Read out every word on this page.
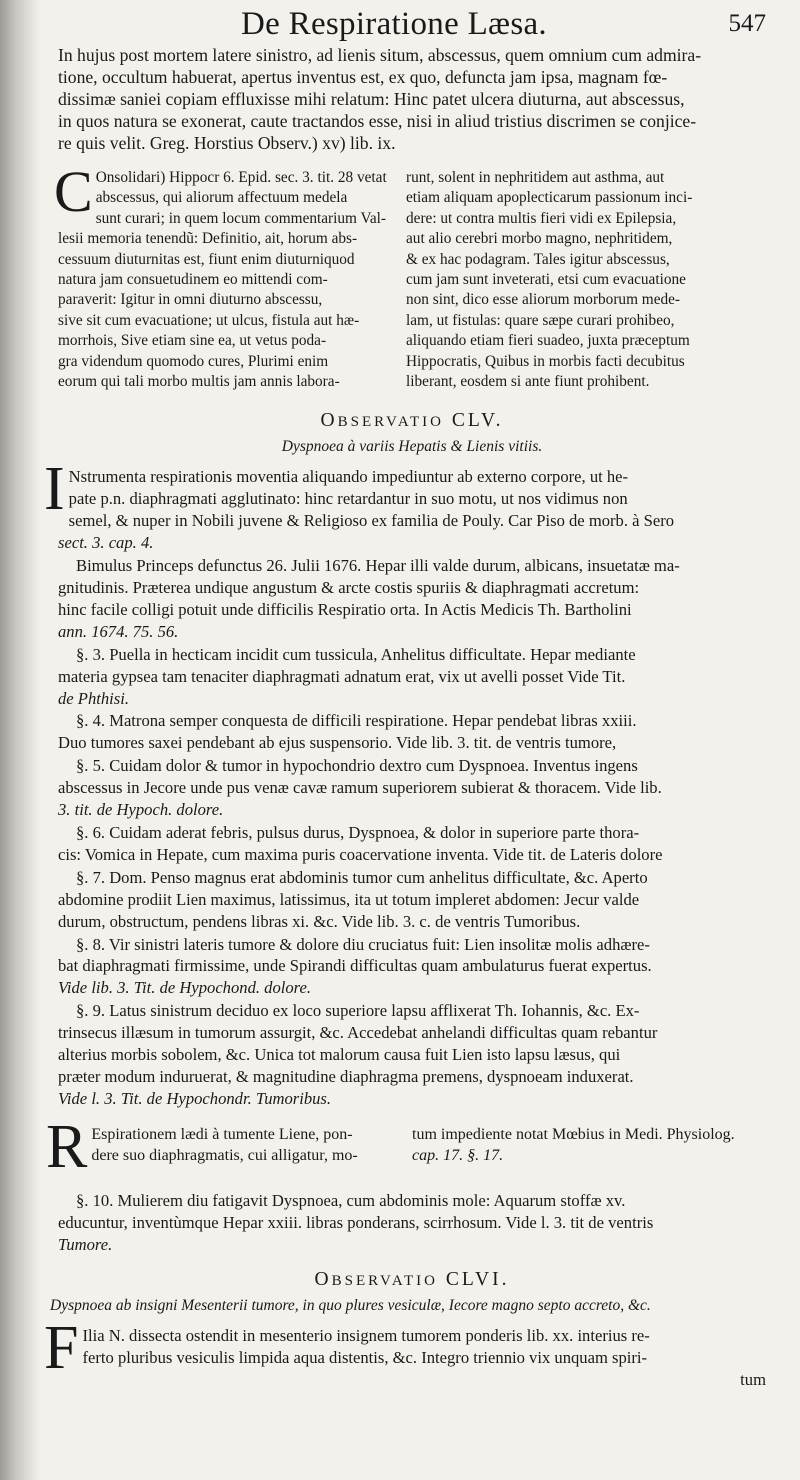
De Respiratione Læsa.	547
In hujus post mortem latere sinistro, ad lienis situm, abscessus, quem omnium cum admira-
tione, occultum habuerat, apertus inventus est, ex quo, defuncta jam ipsa, magnam fœ-
dissimæ saniei copiam effluxisse mihi relatum: Hinc patet ulcera diuturna, aut abscessus,
in quos natura se exonerat, caute tractandos esse, nisi in aliud tristius discrimen se conjice-
re quis velit. Greg. Horstius Observ.) xv) lib. ix.
C Onsolidari) Hippocr 6. Epid. sec. 3. tit. 28 vetat
abscessus, qui aliorum affectuum medela
sunt curari; in quem locum commentarium Val-
lesii memoria tenendũ: Definitio, ait, horum abs-
cessuum diuturnitas est, fiunt enim diuturniquod
natura jam consuetudinem eo mittendi com-
paraverit: Igitur in omni diuturno abscessu,
sive sit cum evacuatione; ut ulcus, fistula aut hæ-
morrhois, Sive etiam sine ea, ut vetus poda-
gra videndum quomodo cures, Plurimi enim
eorum qui tali morbo multis jam annis labora-
runt, solent in nephritidem aut asthma, aut
etiam aliquam apoplecticarum passionum inci-
dere: ut contra multis fieri vidi ex Epilepsia,
aut alio cerebri morbo magno, nephritidem,
& ex hac podagram. Tales igitur abscessus,
cum jam sunt inveterati, etsi cum evacuatione
non sint, dico esse aliorum morborum mede-
lam, ut fistulas: quare sæpe curari prohibeo,
aliquando etiam fieri suadeo, juxta præceptum
Hippocratis, Quibus in morbis facti decubitus
liberant, eosdem si ante fiunt prohibent.
OBSERVATIO CLV.
Dyspnoea à variis Hepatis & Lienis vitiis.
I Nstrumenta respirationis moventia aliquando impediuntur ab externo corpore, ut he-
pate p.n. diaphragmati agglutinato: hinc retardantur in suo motu, ut nos vidimus non
semel, & nuper in Nobili juvene & Religioso ex familia de Pouly. Car Piso de morb. à Sero
sect. 3. cap. 4.
Bimulus Princeps defunctus 26. Julii 1676. Hepar illi valde durum, albicans, insuetatæ ma-
gnitudinis. Præterea undique angustum & arcte costis spuriis & diaphragmati accretum:
hinc facile colligi potuit unde difficilis Respiratio orta. In Actis Medicis Th. Bartholini
ann. 1674. 75. 56.
§. 3. Puella in hecticam incidit cum tussicula, Anhelitus difficultate. Hepar mediante
materia gypsea tam tenaciter diaphragmati adnatum erat, vix ut avelli posset Vide Tit.
de Phthisi.
§. 4. Matrona semper conquesta de difficili respiratione. Hepar pendebat libras xxiii.
Duo tumores saxei pendebant ab ejus suspensorio. Vide lib. 3. tit. de ventris tumore,
§. 5. Cuidam dolor & tumor in hypochondrio dextro cum Dyspnoea. Inventus ingens
abscessus in Jecore unde pus venæ cavæ ramum superiorem subierat & thoracem. Vide lib.
3. tit. de Hypoch. dolore.
§. 6. Cuidam aderat febris, pulsus durus, Dyspnoea, & dolor in superiore parte thora-
cis: Vomica in Hepate, cum maxima puris coacervatione inventa. Vide tit. de Lateris dolore
§. 7. Dom. Penso magnus erat abdominis tumor cum anhelitus difficultate, &c. Aperto
abdomine prodiit Lien maximus, latissimus, ita ut totum impleret abdomen: Jecur valde
durum, obstructum, pendens libras xi. &c. Vide lib. 3. c. de ventris Tumoribus.
§. 8. Vir sinistri lateris tumore & dolore diu cruciatus fuit: Lien insolitæ molis adhære-
bat diaphragmati firmissime, unde Spirandi difficultas quam ambulaturus fuerat expertus.
Vide lib. 3. Tit. de Hypochond. dolore.
§. 9. Latus sinistrum deciduo ex loco superiore lapsu afflixerat Th. Iohannis, &c. Ex-
trinsecus illæsum in tumorum assurgit, &c. Accedebat anhelandi difficultas quam rebantur
alterius morbis sobolem, &c. Unica tot malorum causa fuit Lien isto lapsu læsus, qui
præter modum induruerat, & magnitudine diaphragma premens, dyspnoeam induxerat.
Vide l. 3. Tit. de Hypochondr. Tumoribus.
R Espirationem lædi à tumente Liene, pon-
dere suo diaphragmatis, cui alligatur, mo-
tum impediente notat Mœbius in Medi. Physiolog.
cap. 17. §. 17.
§. 10. Mulierem diu fatigavit Dyspnoea, cum abdominis mole: Aquarum stoffæ xv.
educuntur, inventùmque Hepar xxiii. libras ponderans, scirrhosum. Vide l. 3. tit de ventris
Tumore.
OBSERVATIO CLVI.
Dyspnoea ab insigni Mesenterii tumore, in quo plures vesiculæ, Iecore magno septo accreto, &c.
F Ilia N. dissecta ostendit in mesenterio insignem tumorem ponderis lib. xx. interius re-
ferto pluribus vesiculis limpida aqua distentis, &c. Integro triennio vix unquam spiri-
tum
